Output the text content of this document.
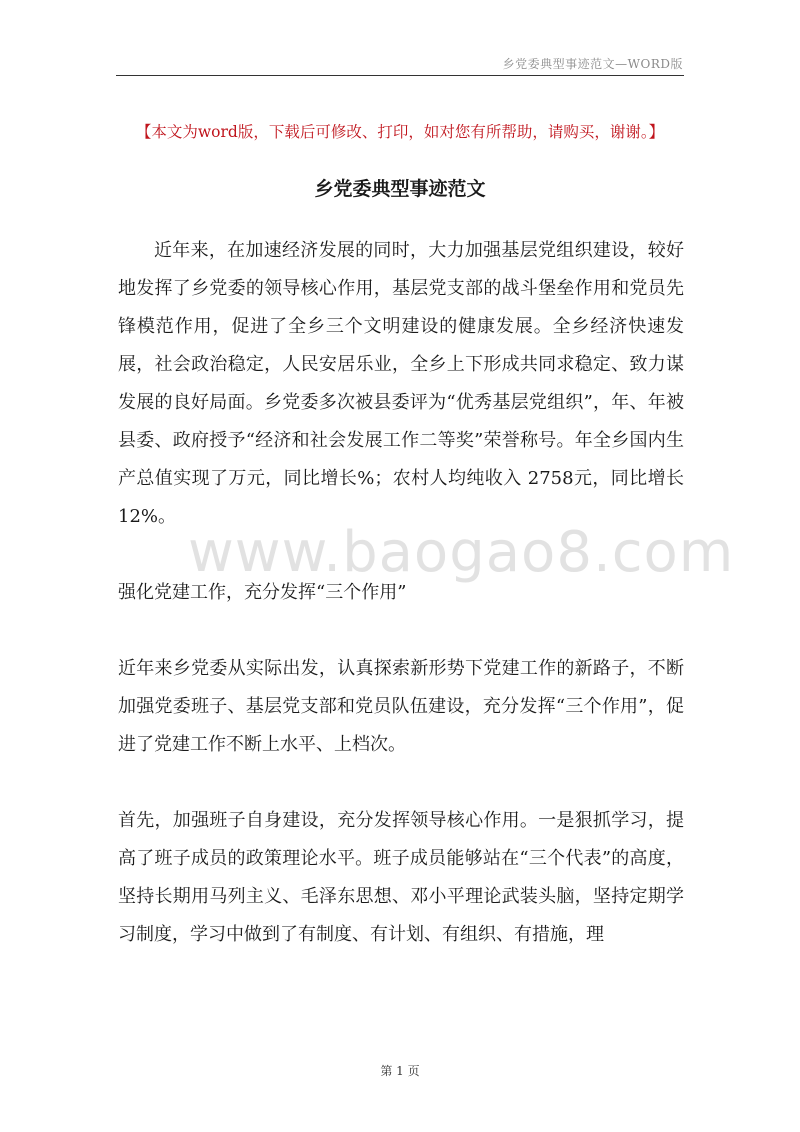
乡党委典型事迹范文—WORD版
【本文为word版，下载后可修改、打印，如对您有所帮助，请购买，谢谢。】
乡党委典型事迹范文

近年来，在加速经济发展的同时，大力加强基层党组织建设，较好地发挥了乡党委的领导核心作用，基层党支部的战斗堡垒作用和党员先锋模范作用，促进了全乡三个文明建设的健康发展。全乡经济快速发展，社会政治稳定，人民安居乐业，全乡上下形成共同求稳定、致力谋发展的良好局面。乡党委多次被县委评为“优秀基层党组织”，年、年被县委、政府授予“经济和社会发展工作二等奖”荣誉称号。年全乡国内生产总值实现了万元，同比增长%；农村人均纯收入 2758元，同比增长12%。

强化党建工作，充分发挥“三个作用”

近年来乡党委从实际出发，认真探索新形势下党建工作的新路子，不断加强党委班子、基层党支部和党员队伍建设，充分发挥“三个作用”，促进了党建工作不断上水平、上档次。

首先，加强班子自身建设，充分发挥领导核心作用。一是狠抓学习，提高了班子成员的政策理论水平。班子成员能够站在“三个代表”的高度，坚持长期用马列主义、毛泽东思想、邓小平理论武装头脑，坚持定期学习制度，学习中做到了有制度、有计划、有组织、有措施，理

www.baogao8.com
第 1 页
